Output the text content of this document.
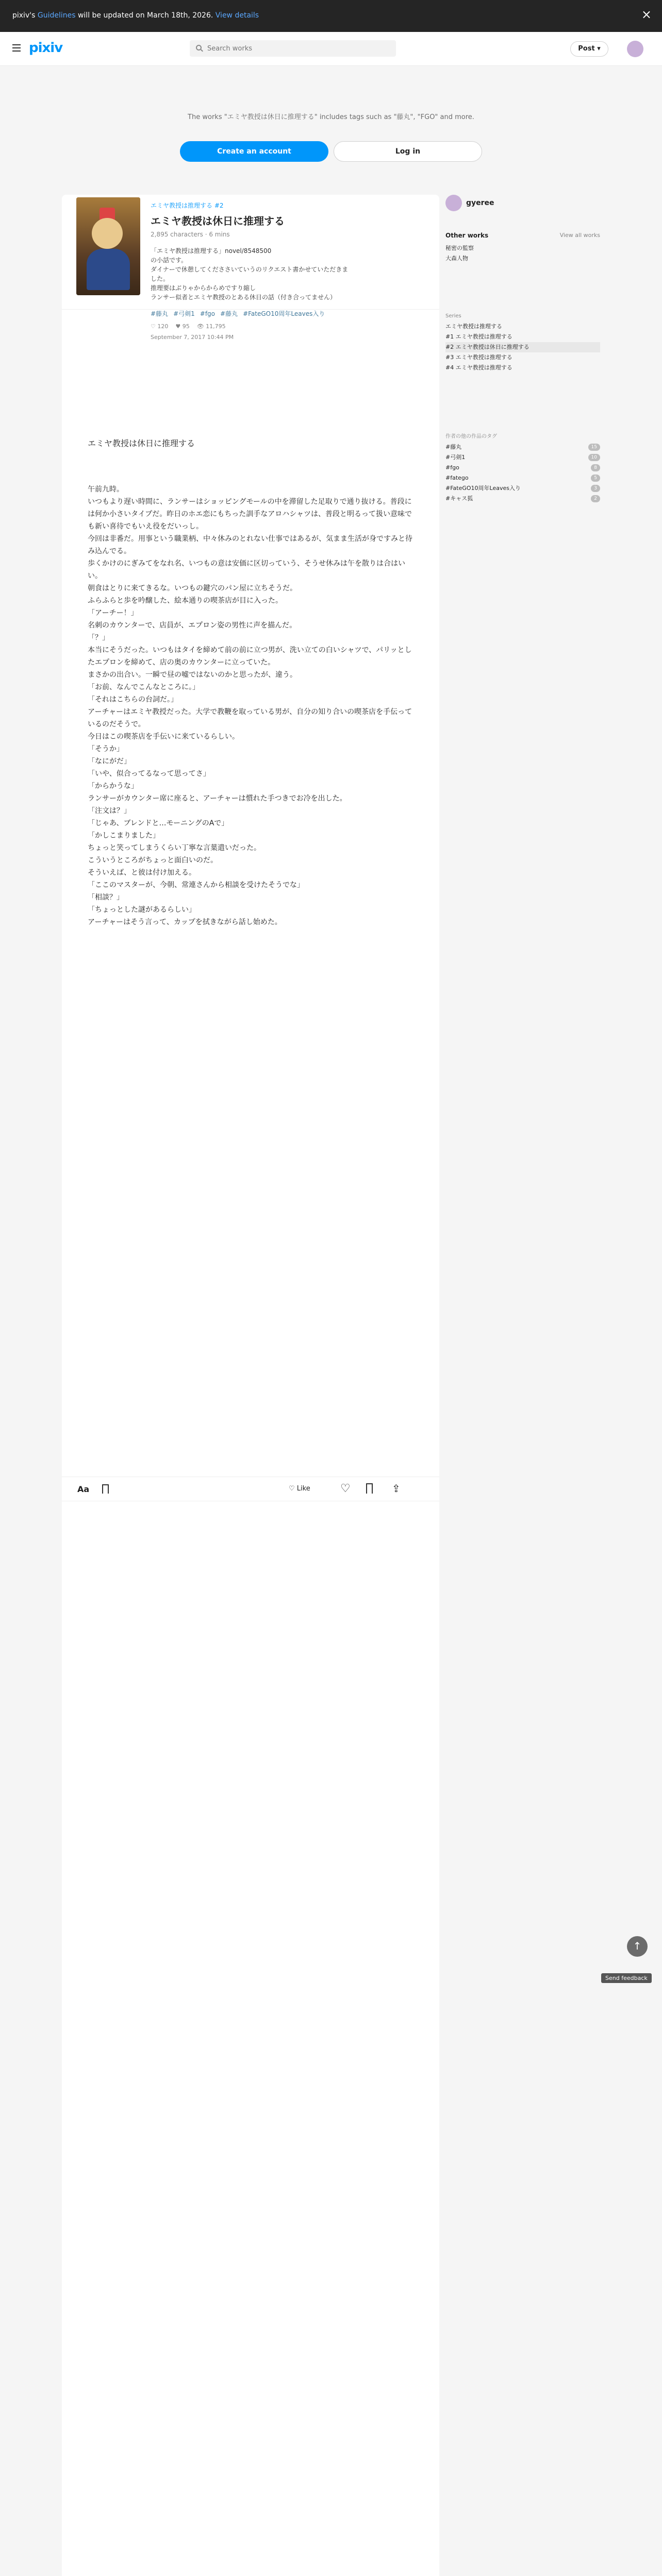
pixiv's Guidelines will be updated on March 18th, 2026. View details	×
pixiv
Search works	Post ▾
The works "エミヤ教授は休日に推理する" includes tags such as "藤丸", "FGO" and more.
Create an account	Log in
エミヤ教授は推理する #2
エミヤ教授は休日に推理する
2,895 characters · 6 mins
「エミヤ教授は推理する」novel/8548500
の小話です。
ダイナーで休憩してくだささいていうのリクエスト書かせていただきま
した。
推理要はぶりゃからからめですり縮し
ランサー似者とエミヤ教授のとある休日の話（付き合ってません）
#藤丸 #弓剣1 #fgo #藤丸 #FateGO10周年Leaves入り
♡ 120 ♥ 95 👁 11,795
September 7, 2017 10:44 PM
エミヤ教授は休日に推理する

午前九時。

いつもより遅い時間に、ランサーはショッピングモールの中を滞留した足取りで通り抜ける。普段には何か小さいタイプだ。昨日のホエ恋にもちった訓手なアロハシャツは、普段と明るって扱い意味でも新い喜待でもいえ役をだいっし。

今回は非番だ。用事という職業柄、中々休みのとれない仕事ではあるが、気まま生活が身ですみと待み込んでる。

歩くかけのにぎみてをなれ名、いつもの意は安価に区切っていう、そうせ休みは午を散りは合はいい。

朝食はとりに来てきるな。いつもの鍵穴のパン屋に立ちそうだ。

ふらふらと歩を吟醸した、絵本通りの喫茶店が目に入った。

「アーチー！」

名刺のカウンターで、店員が、エプロン姿の男性に声を描んだ。

「？」

本当にそうだった。いつもはタイを締めて前の前に立つ男が、洗い立ての白いシャツで、パリッとしたエプロンを締めて、店の奥のカウンターに立っていた。

まさかの出合い。一瞬で昼の嘘ではないのかと思ったが、違う。

「お前、なんでこんなところに。」

「それはこちらの台詞だ。」

アーチャーはエミヤ教授だった。大学で教鞭を取っている男が、自分の知り合いの喫茶店を手伝っているのだそうで。

今日はこの喫茶店を手伝いに来ているらしい。

「そうか」

「なにがだ」

「いや、似合ってるなって思ってさ」

「からかうな」

ランサーがカウンター席に座ると、アーチャーは慣れた手つきでお冷を出した。

「注文は？」

「じゃあ、ブレンドと…モーニングのAで」

「かしこまりました」

ちょっと笑ってしまうくらい丁寧な言葉遣いだった。

こういうところがちょっと面白いのだ。

そういえば、と彼は付け加える。

「ここのマスターが、今朝、常連さんから相談を受けたそうでな」

「相談？」

「ちょっとした謎があるらしい」

アーチャーはそう言って、カップを拭きながら話し始めた。

Aa	♡ Like	♡	⇪
gyeree
Other works	View all works
秘密の監察
大森人物
Series
エミヤ教授は推理する
#1 エミヤ教授は推理する
#2 エミヤ教授は休日に推理する
#3 エミヤ教授は推理する
#4 エミヤ教授は推理する
作者の他の作品のタグ
#藤丸	15
#弓剣1	10
#fgo	8
#fatego	5
#FateGO10周年Leaves入り	3
#キャス狐	2
↑
Send feedback
